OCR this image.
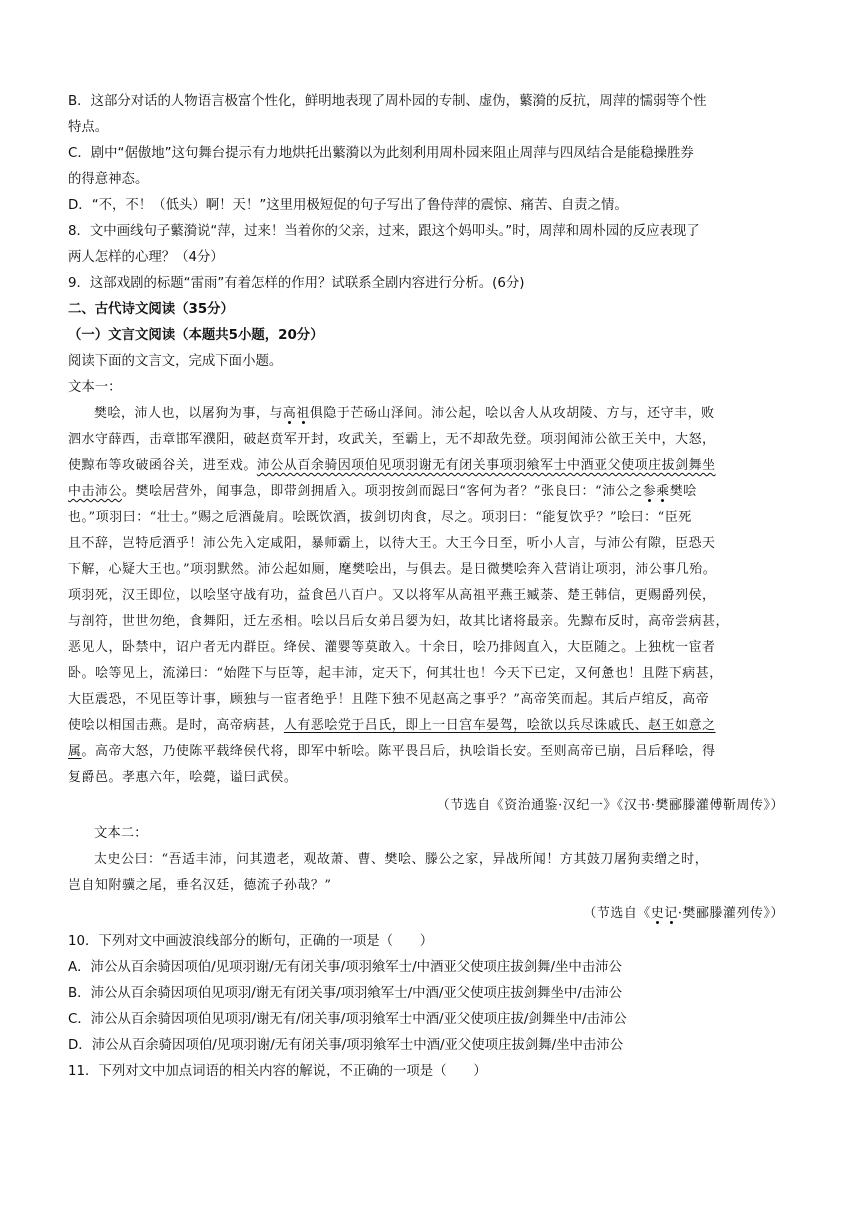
B．这部分对话的人物语言极富个性化，鲜明地表现了周朴园的专制、虚伪，蘩漪的反抗，周萍的懦弱等个性
特点。
C．剧中“倨傲地”这句舞台提示有力地烘托出蘩漪以为此刻利用周朴园来阻止周萍与四凤结合是能稳操胜券
的得意神态。
D．“不，不！（低头）啊！天！”这里用极短促的句子写出了鲁侍萍的震惊、痛苦、自责之情。
8．文中画线句子蘩漪说“萍，过来！当着你的父亲，过来，跟这个妈叩头。”时，周萍和周朴园的反应表现了
两人怎样的心理？（4分）
9．这部戏剧的标题“雷雨”有着怎样的作用？试联系全剧内容进行分析。(6分)
二、古代诗文阅读（35分）
（一）文言文阅读（本题共5小题，20分）
阅读下面的文言文，完成下面小题。
文本一：
樊哙，沛人也，以屠狗为事，与高祖俱隐于芒砀山泽间。沛公起，哙以舍人从攻胡陵、方与，还守丰，败
泗水守薛西，击章邯军濮阳，破赵贲军开封，攻武关，至霸上，无不却敌先登。项羽闻沛公欲王关中，大怒，
使黥布等攻破函谷关，进至戏。沛公从百余骑因项伯见项羽谢无有闭关事项羽飨军士中酒亚父使项庄拔剑舞坐
中击沛公。樊哙居营外，闻事急，即带剑拥盾入。项羽按剑而跽曰“客何为者？”张良曰：“沛公之参乘樊哙
也。”项羽曰：“壮士。”赐之卮酒彘肩。哙既饮酒，拔剑切肉食，尽之。项羽曰：“能复饮乎？”哙曰：“臣死
且不辞，岂特卮酒乎！沛公先入定咸阳，暴师霸上，以待大王。大王今日至，听小人言，与沛公有隙，臣恐天
下解，心疑大王也。”项羽默然。沛公起如厕，麾樊哙出，与俱去。是日微樊哙奔入营诮让项羽，沛公事几殆。
项羽死，汉王即位，以哙坚守战有功，益食邑八百户。又以将军从高祖平燕王臧荼、楚王韩信，更赐爵列侯，
与剖符，世世勿绝，食舞阳，迁左丞相。哙以吕后女弟吕媭为妇，故其比诸将最亲。先黥布反时，高帝尝病甚，
恶见人，卧禁中，诏户者无内群臣。绛侯、灌婴等莫敢入。十余日，哙乃排闼直入，大臣随之。上独枕一宦者
卧。哙等见上，流涕曰：“始陛下与臣等，起丰沛，定天下，何其壮也！今天下已定，又何惫也！且陛下病甚，
大臣震恐，不见臣等计事，顾独与一宦者绝乎！且陛下独不见赵高之事乎？”高帝笑而起。其后卢绾反，高帝
使哙以相国击燕。是时，高帝病甚，人有恶哙党于吕氏，即上一日宫车晏驾，哙欲以兵尽诛戚氏、赵王如意之
属。高帝大怒，乃使陈平载绛侯代将，即军中斩哙。陈平畏吕后，执哙诣长安。至则高帝已崩，吕后释哙，得
复爵邑。孝惠六年，哙薨，谥曰武侯。
（节选自《资治通鉴·汉纪一》《汉书·樊郦滕灌傅靳周传》）
文本二：
太史公曰：“吾适丰沛，问其遗老，观故萧、曹、樊哙、滕公之家，异战所闻！方其鼓刀屠狗卖缯之时，
岂自知附骥之尾，垂名汉廷，德流子孙哉？”
（节选自《史记·樊郦滕灌列传》）
10．下列对文中画波浪线部分的断句，正确的一项是（　　）
A．沛公从百余骑因项伯/见项羽谢/无有闭关事/项羽飨军士/中酒亚父使项庄拔剑舞/坐中击沛公
B．沛公从百余骑因项伯见项羽/谢无有闭关事/项羽飨军士/中酒/亚父使项庄拔剑舞坐中/击沛公
C．沛公从百余骑因项伯见项羽/谢无有/闭关事/项羽飨军士中酒/亚父使项庄拔/剑舞坐中/击沛公
D．沛公从百余骑因项伯/见项羽谢/无有闭关事/项羽飨军士中酒/亚父使项庄拔剑舞/坐中击沛公
11．下列对文中加点词语的相关内容的解说，不正确的一项是（　　）
